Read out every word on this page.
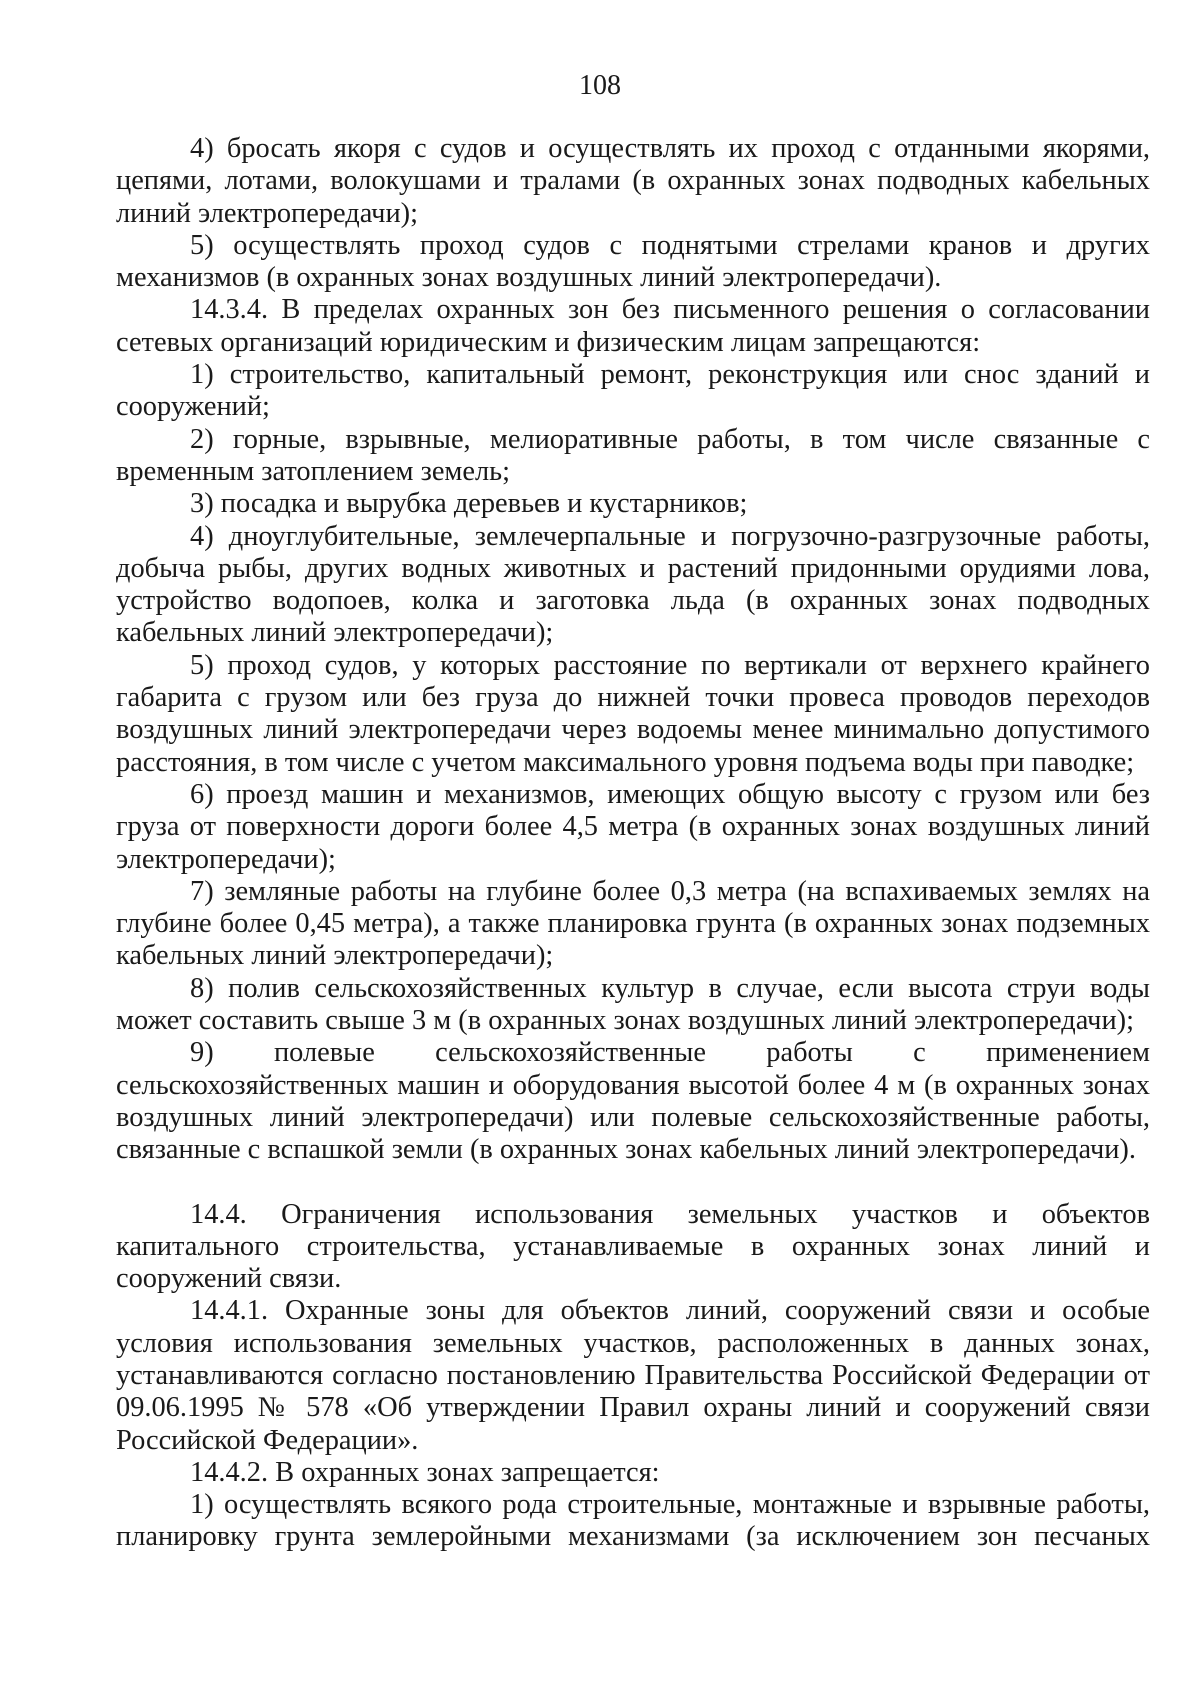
108

4) бросать якоря с судов и осуществлять их проход с отданными якорями, цепями, лотами, волокушами и тралами (в охранных зонах подводных кабельных линий электропередачи);

5) осуществлять проход судов с поднятыми стрелами кранов и других механизмов (в охранных зонах воздушных линий электропередачи).

14.3.4. В пределах охранных зон без письменного решения о согласовании сетевых организаций юридическим и физическим лицам запрещаются:

1) строительство, капитальный ремонт, реконструкция или снос зданий и сооружений;

2) горные, взрывные, мелиоративные работы, в том числе связанные с временным затоплением земель;

3) посадка и вырубка деревьев и кустарников;

4) дноуглубительные, землечерпальные и погрузочно-разгрузочные работы, добыча рыбы, других водных животных и растений придонными орудиями лова, устройство водопоев, колка и заготовка льда (в охранных зонах подводных кабельных линий электропередачи);

5) проход судов, у которых расстояние по вертикали от верхнего крайнего габарита с грузом или без груза до нижней точки провеса проводов переходов воздушных линий электропередачи через водоемы менее минимально допустимого расстояния, в том числе с учетом максимального уровня подъема воды при паводке;

6) проезд машин и механизмов, имеющих общую высоту с грузом или без груза от поверхности дороги более 4,5 метра (в охранных зонах воздушных линий электропередачи);

7) земляные работы на глубине более 0,3 метра (на вспахиваемых землях на глубине более 0,45 метра), а также планировка грунта (в охранных зонах подземных кабельных линий электропередачи);

8) полив сельскохозяйственных культур в случае, если высота струи воды может составить свыше 3 м (в охранных зонах воздушных линий электропередачи);

9) полевые сельскохозяйственные работы с применением сельскохозяйственных машин и оборудования высотой более 4 м (в охранных зонах воздушных линий электропередачи) или полевые сельскохозяйственные работы, связанные с вспашкой земли (в охранных зонах кабельных линий электропередачи).

14.4. Ограничения использования земельных участков и объектов капитального строительства, устанавливаемые в охранных зонах линий и сооружений связи.

14.4.1. Охранные зоны для объектов линий, сооружений связи и особые условия использования земельных участков, расположенных в данных зонах, устанавливаются согласно постановлению Правительства Российской Федерации от 09.06.1995 № 578 «Об утверждении Правил охраны линий и сооружений связи Российской Федерации».

14.4.2. В охранных зонах запрещается:

1) осуществлять всякого рода строительные, монтажные и взрывные работы, планировку грунта землеройными механизмами (за исключением зон песчаных
